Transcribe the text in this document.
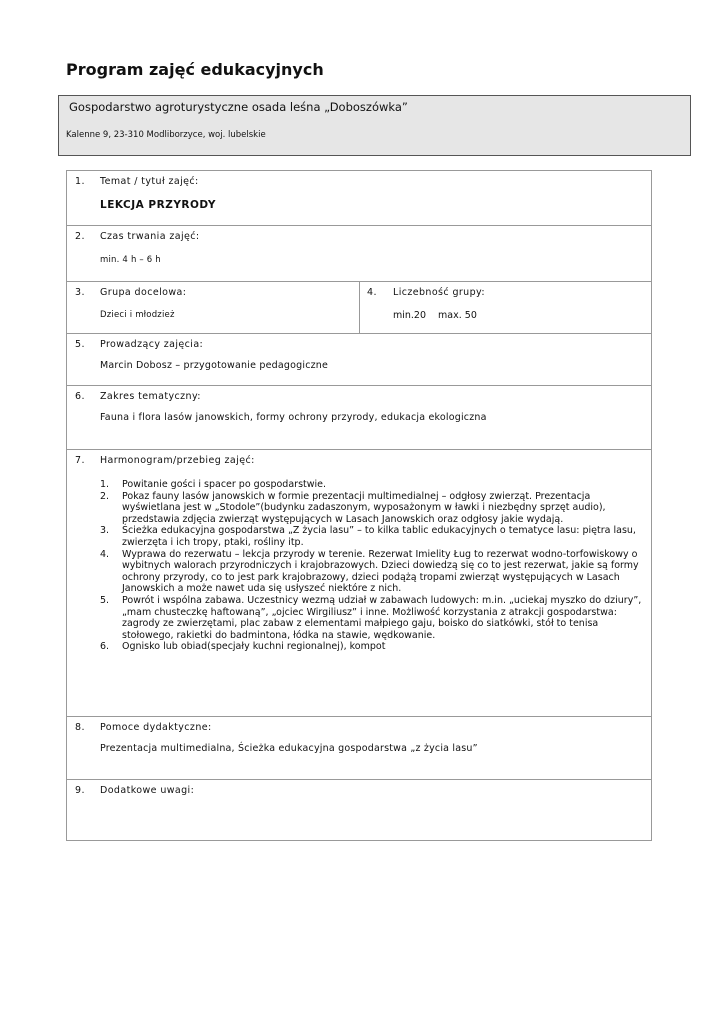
Program zajęć edukacyjnych
Gospodarstwo agroturystyczne osada leśna „Doboszówka”
Kalenne 9, 23-310 Modliborzyce, woj. lubelskie
1. Temat / tytuł zajęć:
LEKCJA PRZYRODY
2. Czas trwania zajęć:
min. 4 h – 6 h
3. Grupa docelowa:
Dzieci i młodzież
4. Liczebność grupy:
min.20 max. 50
5. Prowadzący zajęcia:
Marcin Dobosz – przygotowanie pedagogiczne
6. Zakres tematyczny:
Fauna i flora lasów janowskich, formy ochrony przyrody, edukacja ekologiczna
7. Harmonogram/przebieg zajęć:
1. Powitanie gości i spacer po gospodarstwie.
2. Pokaz fauny lasów janowskich w formie prezentacji multimedialnej – odgłosy zwierząt. Prezentacja wyświetlana jest w „Stodole”(budynku zadaszonym, wyposażonym w ławki i niezbędny sprzęt audio), przedstawia zdjęcia zwierząt występujących w Lasach Janowskich oraz odgłosy jakie wydają.
3. Ścieżka edukacyjna gospodarstwa „Z życia lasu” – to kilka tablic edukacyjnych o tematyce lasu: piętra lasu, zwierzęta i ich tropy, ptaki, rośliny itp.
4. Wyprawa do rezerwatu – lekcja przyrody w terenie. Rezerwat Imielity Ług to rezerwat wodno-torfowiskowy o wybitnych walorach przyrodniczych i krajobrazowych. Dzieci dowiedzą się co to jest rezerwat, jakie są formy ochrony przyrody, co to jest park krajobrazowy, dzieci podążą tropami zwierząt występujących w Lasach Janowskich a może nawet uda się usłyszeć niektóre z nich.
5. Powrót i wspólna zabawa. Uczestnicy wezmą udział w zabawach ludowych: m.in. „uciekaj myszko do dziury”, „mam chusteczkę haftowaną”, „ojciec Wirgiliusz” i inne. Możliwość korzystania z atrakcji gospodarstwa: zagrody ze zwierzętami, plac zabaw z elementami małpiego gaju, boisko do siatkówki, stół to tenisa stołowego, rakietki do badmintona, łódka na stawie, wędkowanie.
6. Ognisko lub obiad(specjały kuchni regionalnej), kompot
8. Pomoce dydaktyczne:
Prezentacja multimedialna, Ścieżka edukacyjna gospodarstwa „z życia lasu”
9. Dodatkowe uwagi:
